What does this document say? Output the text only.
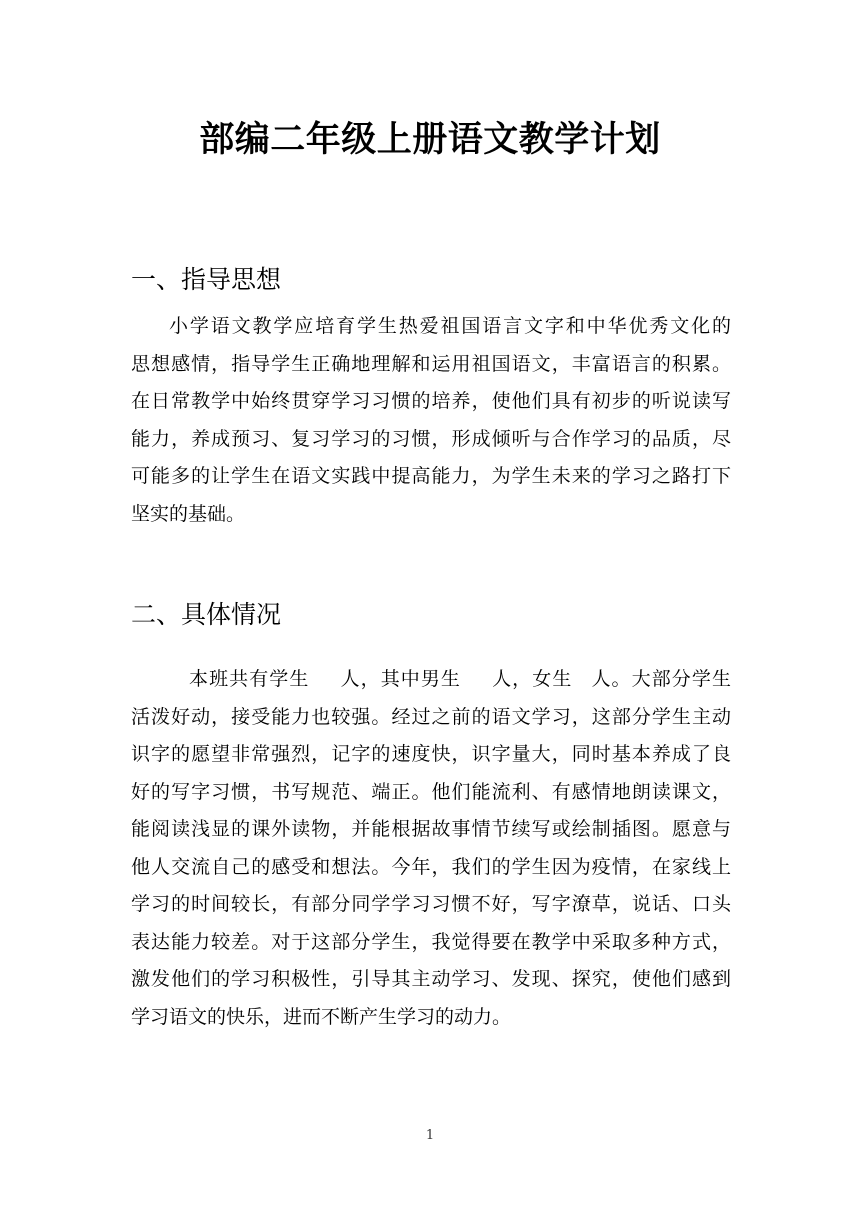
部编二年级上册语文教学计划
一、指导思想
小学语文教学应培育学生热爱祖国语言文字和中华优秀文化的
思想感情，指导学生正确地理解和运用祖国语文，丰富语言的积累。
在日常教学中始终贯穿学习习惯的培养，使他们具有初步的听说读写
能力，养成预习、复习学习的习惯，形成倾听与合作学习的品质，尽
可能多的让学生在语文实践中提高能力，为学生未来的学习之路打下
坚实的基础。
二、具体情况
本班共有学生 人，其中男生 人，女生 人。大部分学生
活泼好动，接受能力也较强。经过之前的语文学习，这部分学生主动
识字的愿望非常强烈，记字的速度快，识字量大，同时基本养成了良
好的写字习惯，书写规范、端正。他们能流利、有感情地朗读课文，
能阅读浅显的课外读物，并能根据故事情节续写或绘制插图。愿意与
他人交流自己的感受和想法。今年，我们的学生因为疫情，在家线上
学习的时间较长，有部分同学学习习惯不好，写字潦草，说话、口头
表达能力较差。对于这部分学生，我觉得要在教学中采取多种方式，
激发他们的学习积极性，引导其主动学习、发现、探究，使他们感到
学习语文的快乐，进而不断产生学习的动力。
1
